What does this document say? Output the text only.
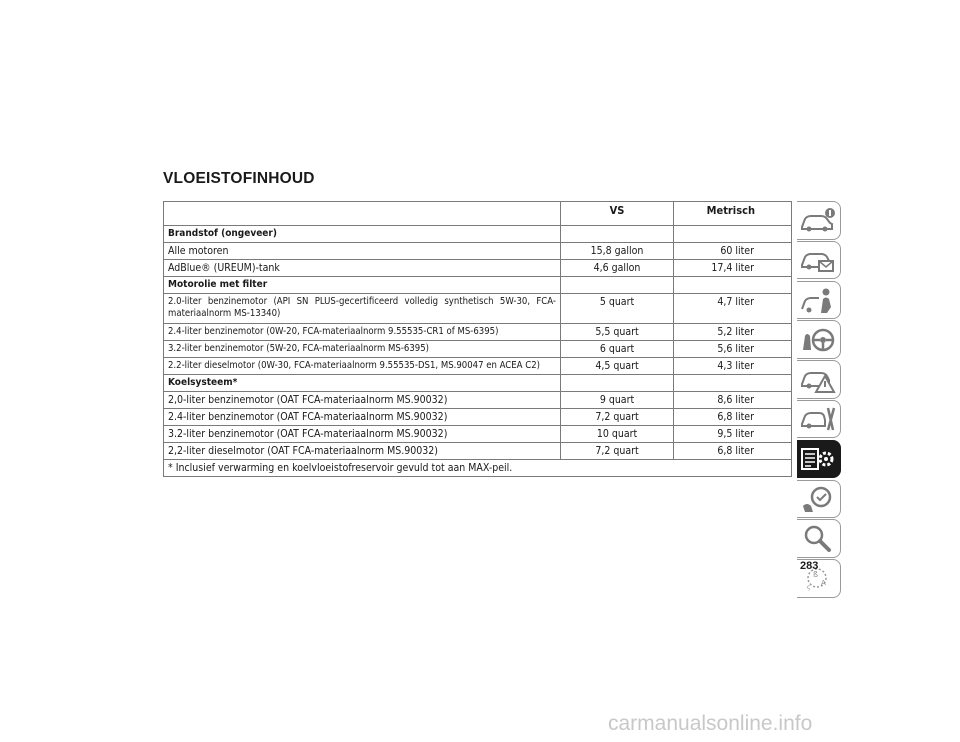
VLOEISTOFINHOUD
	VS	Metrisch
Brandstof (ongeveer)		
Alle motoren	15,8 gallon	60 liter
AdBlue® (UREUM)-tank	4,6 gallon	17,4 liter
Motorolie met filter		
2.0-liter benzinemotor (API SN PLUS-gecertificeerd volledig synthetisch 5W-30, FCA-materiaalnorm MS-13340)	5 quart	4,7 liter
2.4-liter benzinemotor (0W-20, FCA-materiaalnorm 9.55535-CR1 of MS-6395)	5,5 quart	5,2 liter
3.2-liter benzinemotor (5W-20, FCA-materiaalnorm MS-6395)	6 quart	5,6 liter
2.2-liter dieselmotor (0W-30, FCA-materiaalnorm 9.55535-DS1, MS.90047 en ACEA C2)	4,5 quart	4,3 liter
Koelsysteem*		
2,0-liter benzinemotor (OAT FCA-materiaalnorm MS.90032)	9 quart	8,6 liter
2.4-liter benzinemotor (OAT FCA-materiaalnorm MS.90032)	7,2 quart	6,8 liter
3.2-liter benzinemotor (OAT FCA-materiaalnorm MS.90032)	10 quart	9,5 liter
2,2-liter dieselmotor (OAT FCA-materiaalnorm MS.90032)	7,2 quart	6,8 liter
* Inclusief verwarming en koelvloeistofreservoir gevuld tot aan MAX-peil.		
ß
A
ç
283
carmanualsonline.info
